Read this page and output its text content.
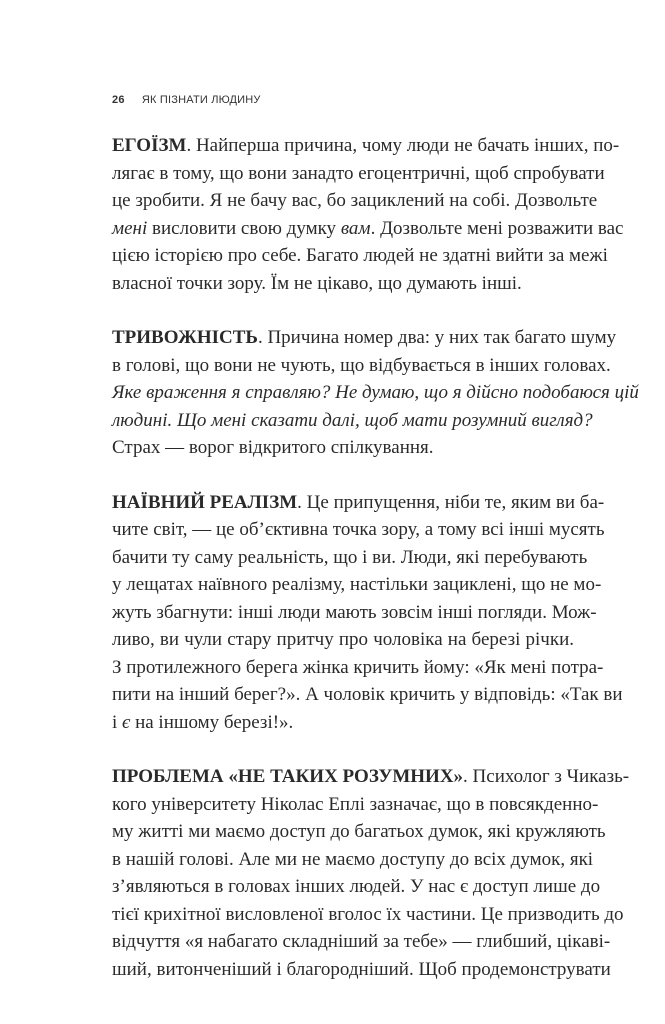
26 ЯК ПІЗНАТИ ЛЮДИНУ
ЕГОЇЗМ. Найперша причина, чому люди не бачать інших, по-
лягає в тому, що вони занадто егоцентричні, щоб спробувати
це зробити. Я не бачу вас, бо зациклений на собі. Дозвольте
мені висловити свою думку вам. Дозвольте мені розважити вас
цією історією про себе. Багато людей не здатні вийти за межі
власної точки зору. Їм не цікаво, що думають інші.
ТРИВОЖНІСТЬ. Причина номер два: у них так багато шуму
в голові, що вони не чують, що відбувається в інших головах.
Яке враження я справляю? Не думаю, що я дійсно подобаюся цій
людині. Що мені сказати далі, щоб мати розумний вигляд?
Страх — ворог відкритого спілкування.
НАЇВНИЙ РЕАЛІЗМ. Це припущення, ніби те, яким ви ба-
чите світ, — це об’єктивна точка зору, а тому всі інші мусять
бачити ту саму реальність, що і ви. Люди, які перебувають
у лещатах наївного реалізму, настільки зациклені, що не мо-
жуть збагнути: інші люди мають зовсім інші погляди. Мож-
ливо, ви чули стару притчу про чоловіка на березі річки.
З протилежного берега жінка кричить йому: «Як мені потра-
пити на інший берег?». А чоловік кричить у відповідь: «Так ви
і є на іншому березі!».
ПРОБЛЕМА «НЕ ТАКИХ РОЗУМНИХ». Психолог з Чиказь-
кого університету Ніколас Еплі зазначає, що в повсякденно-
му житті ми маємо доступ до багатьох думок, які кружляють
в нашій голові. Але ми не маємо доступу до всіх думок, які
з’являються в головах інших людей. У нас є доступ лише до
тієї крихітної висловленої вголос їх частини. Це призводить до
відчуття «я набагато складніший за тебе» — глибший, цікаві-
ший, витонченіший і благородніший. Щоб продемонструвати
